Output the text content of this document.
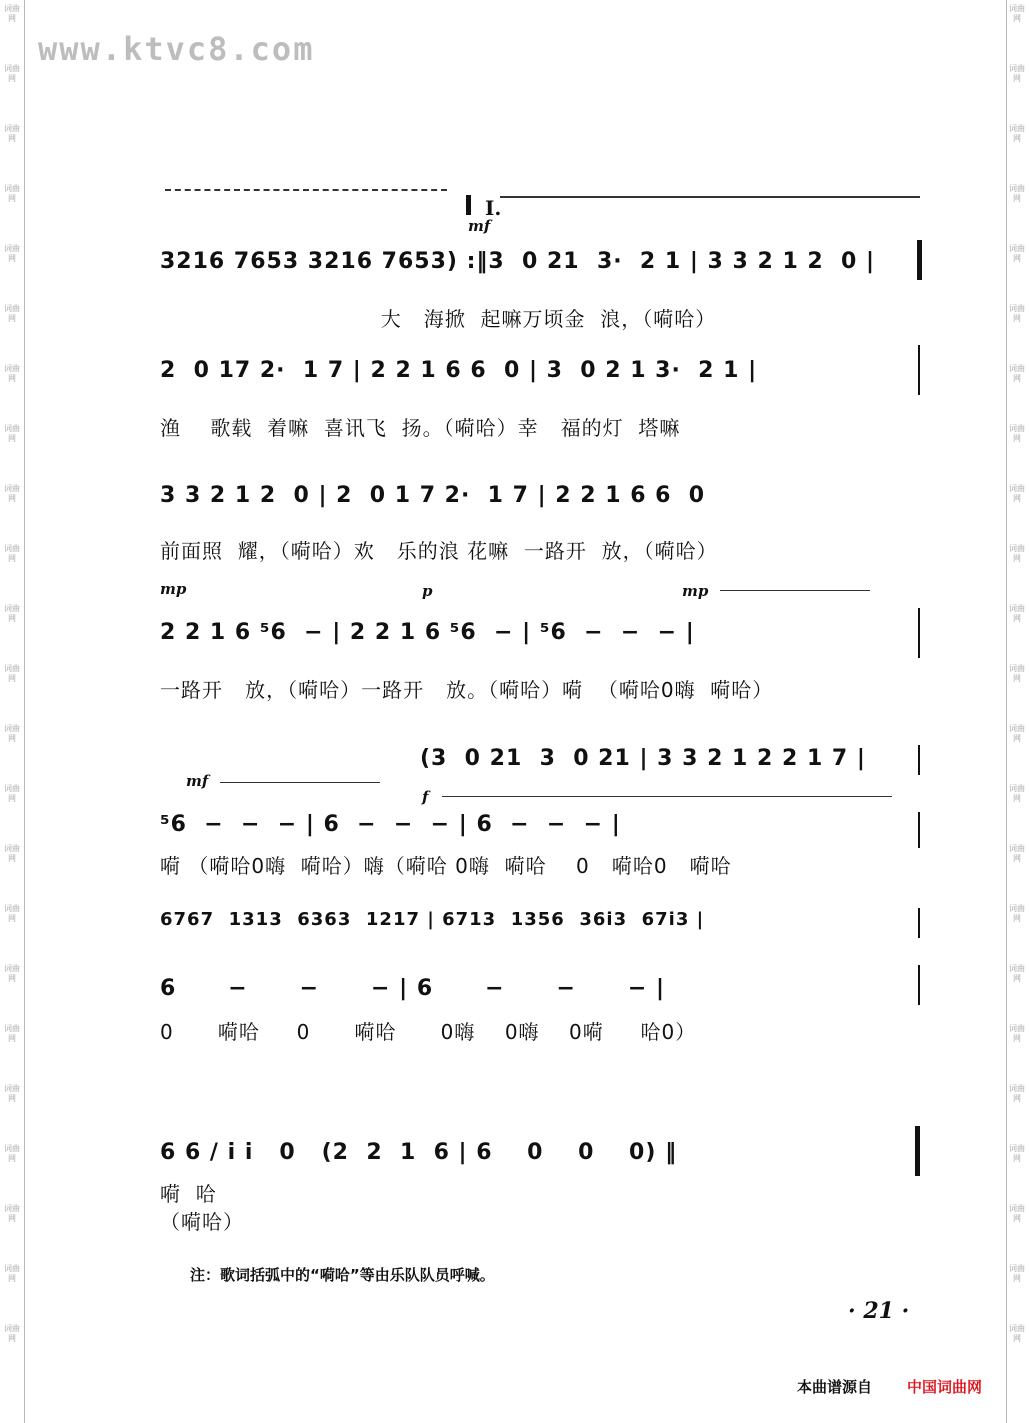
词曲网
词曲网
词曲网
词曲网
词曲网
词曲网
词曲网
词曲网
词曲网
词曲网
词曲网
词曲网
词曲网
词曲网
词曲网
词曲网
词曲网
词曲网
词曲网
词曲网
词曲网
词曲网
词曲网
词曲网
词曲网
词曲网
词曲网
词曲网
词曲网
词曲网
词曲网
词曲网
词曲网
词曲网
词曲网
词曲网
词曲网
词曲网
词曲网
词曲网
词曲网
词曲网
词曲网
词曲网
词曲网
词曲网
www.ktvc8.com
I.
mf
3216 7653 3216 7653) :‖3  0 21  3·  2 1 | 3 3 2 1 2  0 |
大   海掀  起嘛万顷金  浪，（嗬哈）
2  0 17 2·  1 7 | 2 2 1 6 6  0 | 3  0 2 1 3·  2 1 |
渔    歌载  着嘛  喜讯飞  扬。（嗬哈）幸   福的灯  塔嘛
3 3 2 1 2  0 | 2  0 1 7 2·  1 7 | 2 2 1 6 6  0
前面照  耀，（嗬哈）欢   乐的浪 花嘛  一路开  放，（嗬哈）
mp	p	mp
2 2 1 6 ⁵6  − | 2 2 1 6 ⁵6  − | ⁵6  −  −  − |
一路开   放，（嗬哈）一路开   放。（嗬哈）嗬  （嗬哈0嗨  嗬哈）
(3  0 21  3  0 21 | 3 3 2 1 2 2 1 7 |
mf
f
⁵6  −  −  − | 6  −  −  − | 6  −  −  − |
嗬 （嗬哈0嗨  嗬哈）嗨（嗬哈 0嗨  嗬哈    0   嗬哈0   嗬哈
6767  1313  6363  1217 | 6713  1356  36i3  67i3 |
6      −      −      − | 6      −      −      − |
0      嗬哈     0      嗬哈      0嗨    0嗨    0嗬     哈0）
6 6 / i i   0   (2  2  1  6 | 6    0    0    0) ‖
嗬  哈
（嗬哈）
注：歌词括弧中的“嗬哈”等由乐队队员呼喊。
· 21 ·
本曲谱源自 中国词曲网
